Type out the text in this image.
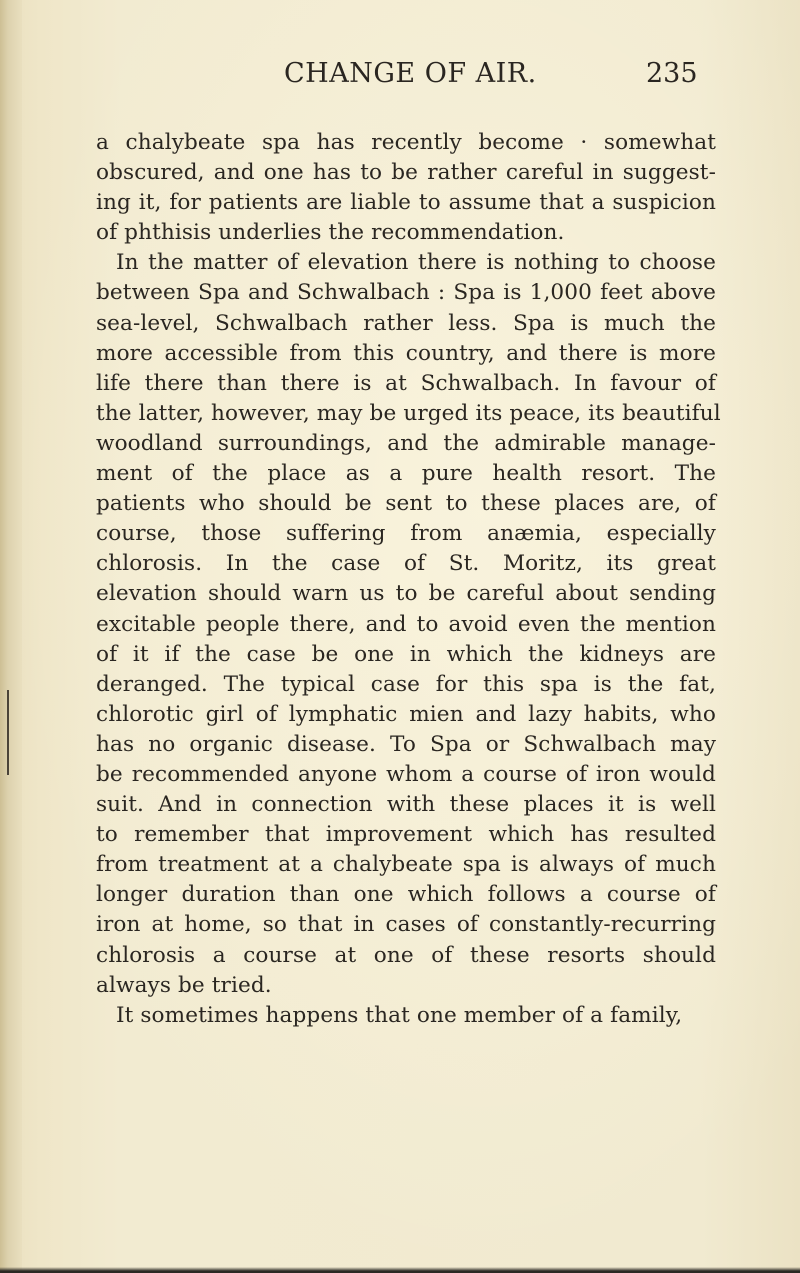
CHANGE OF AIR.	235
a chalybeate spa has recently become · somewhat
obscured, and one has to be rather careful in suggest-
ing it, for patients are liable to assume that a suspicion
of phthisis underlies the recommendation.
In the matter of elevation there is nothing to choose
between Spa and Schwalbach : Spa is 1,000 feet above
sea-level, Schwalbach rather less. Spa is much the
more accessible from this country, and there is more
life there than there is at Schwalbach. In favour of
the latter, however, may be urged its peace, its beautiful
woodland surroundings, and the admirable manage-
ment of the place as a pure health resort. The
patients who should be sent to these places are, of
course, those suffering from anæmia, especially
chlorosis. In the case of St. Moritz, its great
elevation should warn us to be careful about sending
excitable people there, and to avoid even the mention
of it if the case be one in which the kidneys are
deranged. The typical case for this spa is the fat,
chlorotic girl of lymphatic mien and lazy habits, who
has no organic disease. To Spa or Schwalbach may
be recommended anyone whom a course of iron would
suit. And in connection with these places it is well
to remember that improvement which has resulted
from treatment at a chalybeate spa is always of much
longer duration than one which follows a course of
iron at home, so that in cases of constantly-recurring
chlorosis a course at one of these resorts should
always be tried.
It sometimes happens that one member of a family,
